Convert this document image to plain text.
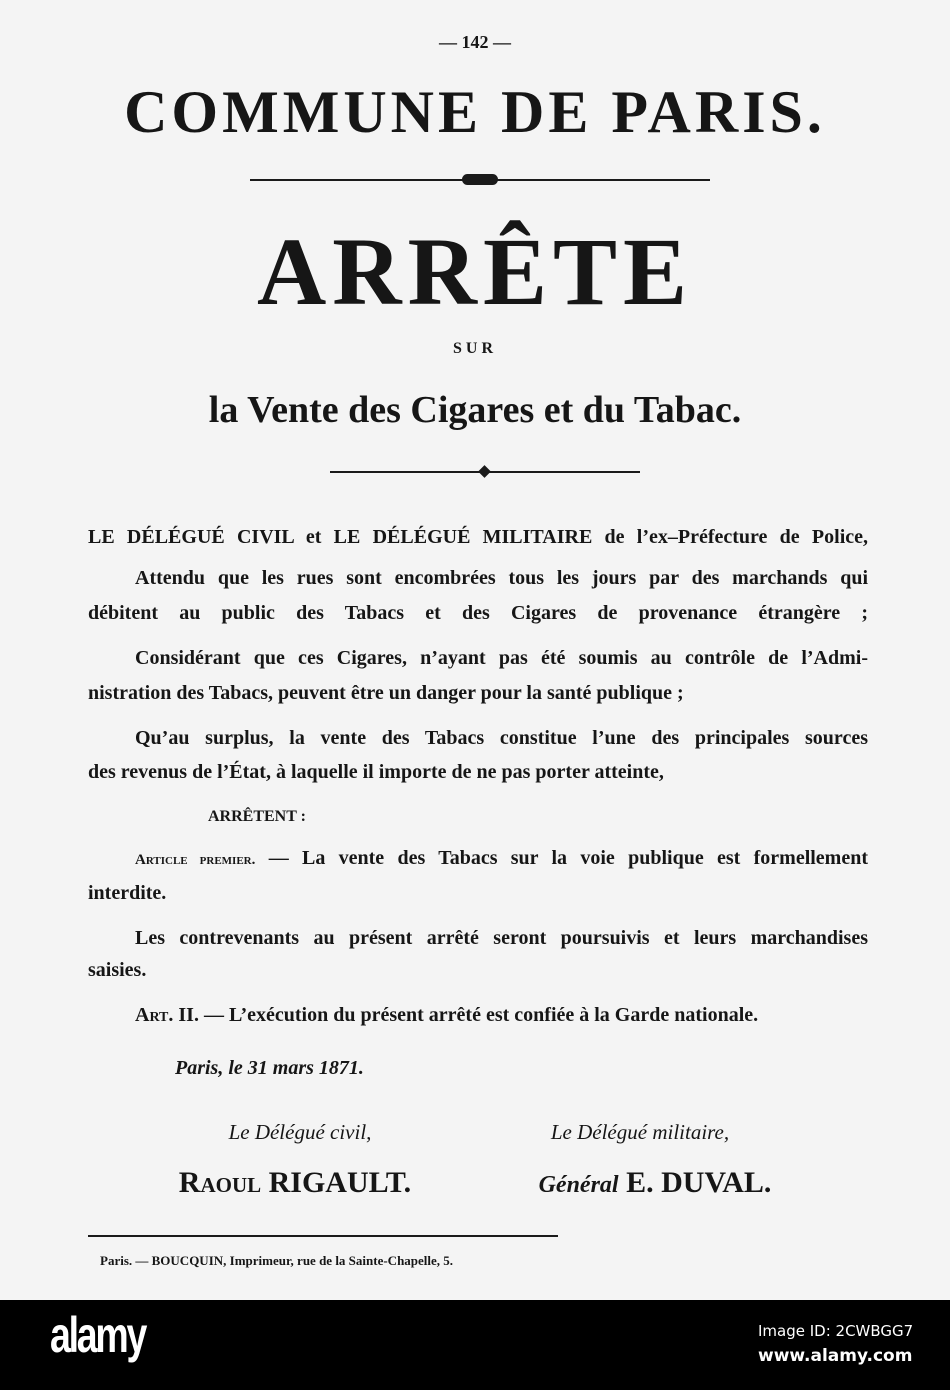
— 142 —
COMMUNE DE PARIS.
ARRÊTE
SUR
la Vente des Cigares et du Tabac.
LE DÉLÉGUÉ CIVIL et LE DÉLÉGUÉ MILITAIRE de l’ex–Préfecture de Police,
Attendu que les rues sont encombrées tous les jours par des marchands qui
débitent au public des Tabacs et des Cigares de provenance étrangère ;
Considérant que ces Cigares, n’ayant pas été soumis au contrôle de l’Admi-
nistration des Tabacs, peuvent être un danger pour la santé publique ;
Qu’au surplus, la vente des Tabacs constitue l’une des principales sources
des revenus de l’État, à laquelle il importe de ne pas porter atteinte,
ARRÊTENT :
Article premier. — La vente des Tabacs sur la voie publique est formellement
interdite.
Les contrevenants au présent arrêté seront poursuivis et leurs marchandises
saisies.
Art. II. — L’exécution du présent arrêté est confiée à la Garde nationale.
Paris, le 31 mars 1871.
Le Délégué civil,	Le Délégué militaire,
Raoul RIGAULT.	Général E. DUVAL.
Paris. — BOUCQUIN, Imprimeur, rue de la Sainte-Chapelle, 5.
alamy	Image ID: 2CWBGG7
www.alamy.com
